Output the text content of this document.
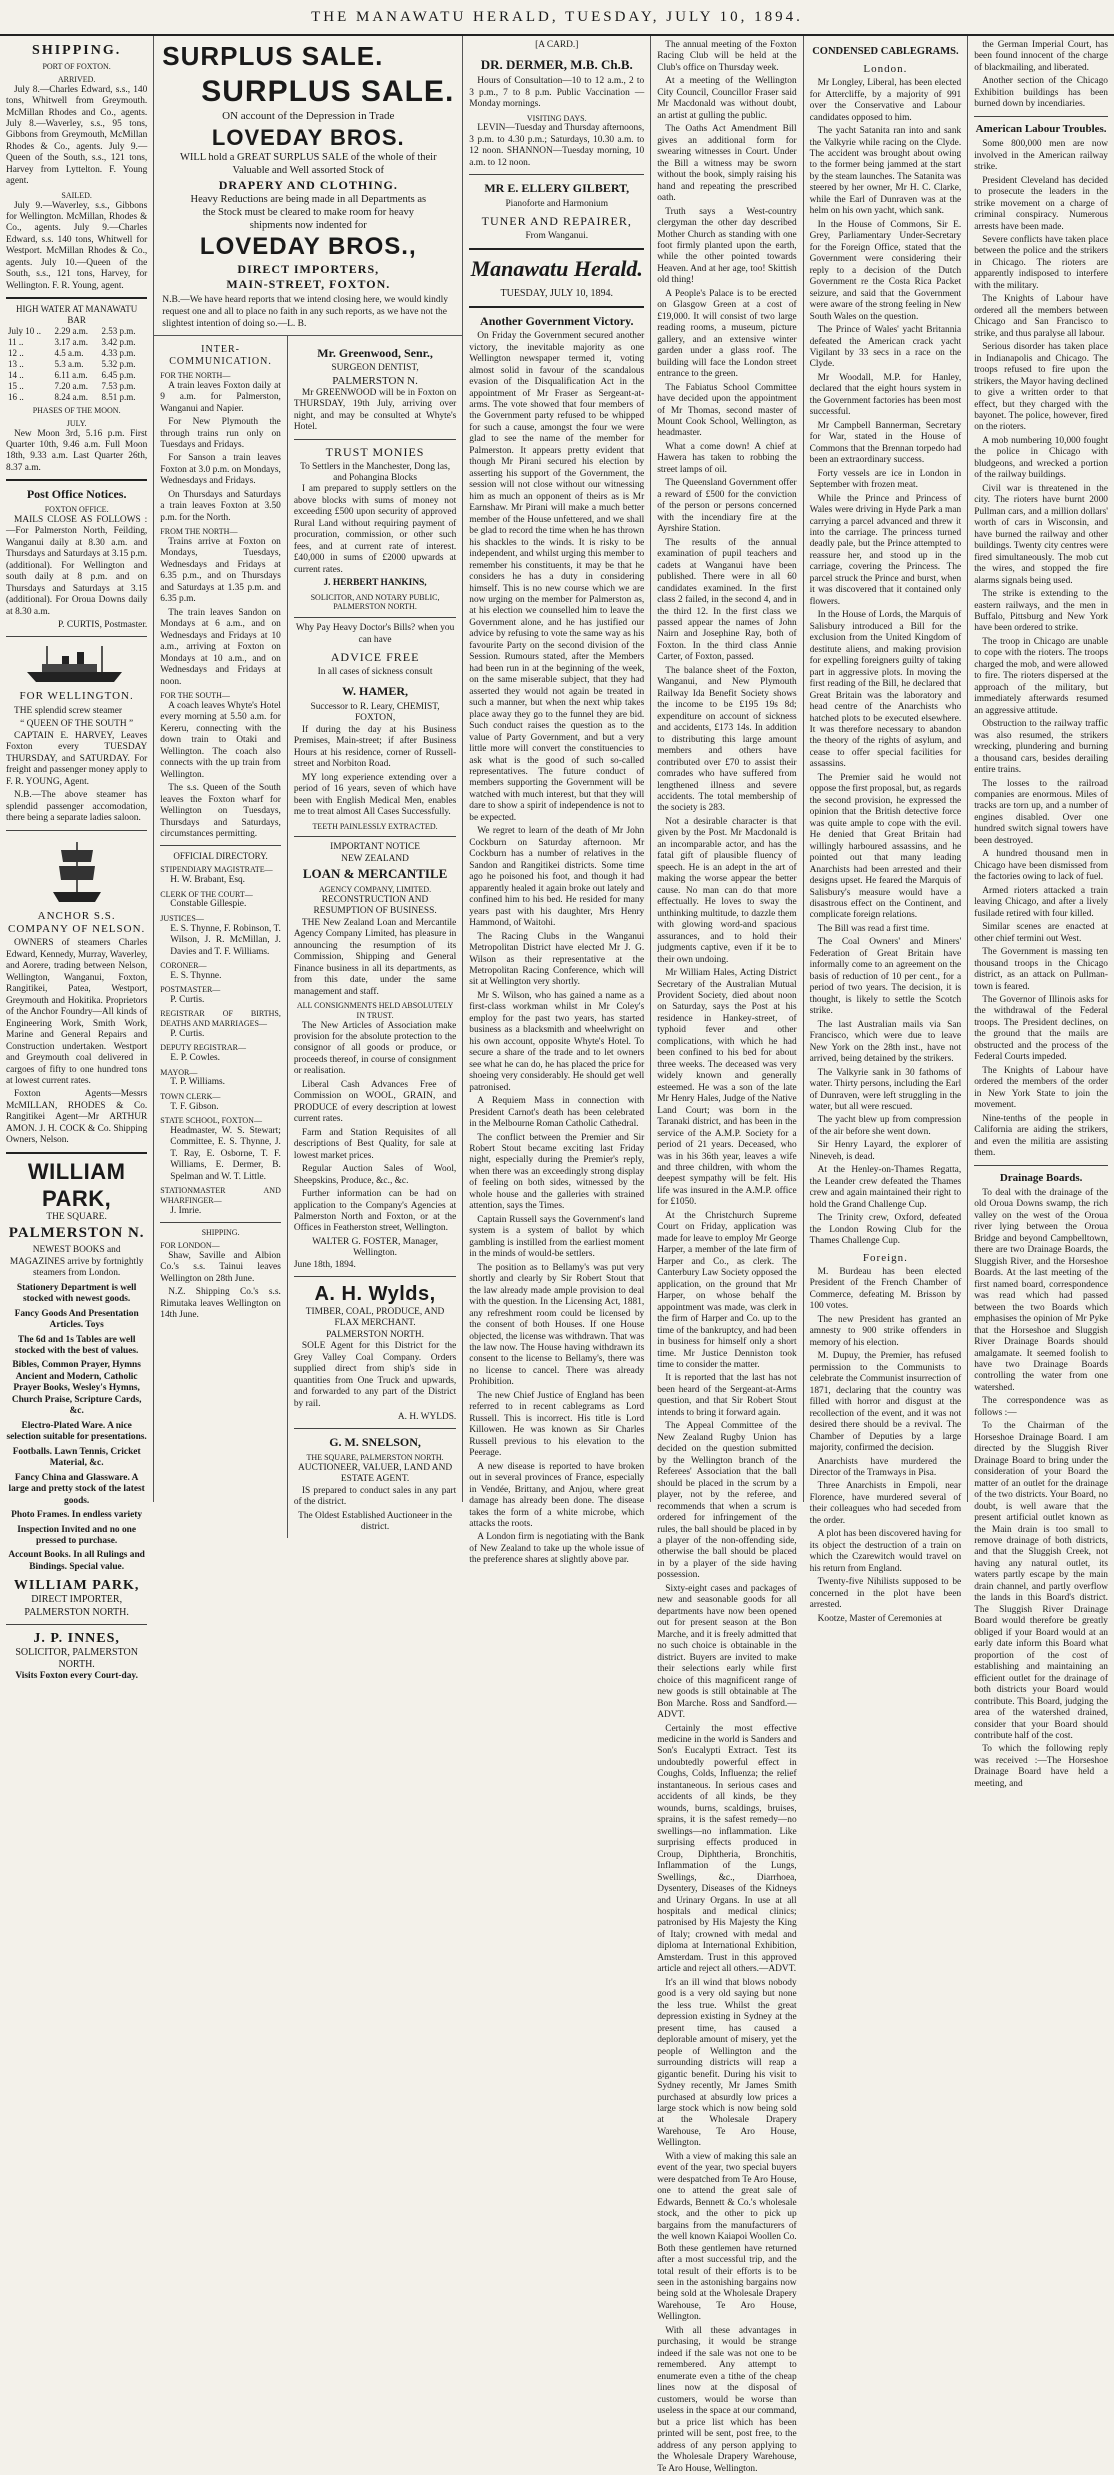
THE MANAWATU HERALD, TUESDAY, JULY 10, 1894.
SHIPPING.
PORT OF FOXTON.
ARRIVED.

July 8.—Charles Edward, s.s., 140 tons, Whitwell from Greymouth. McMillan Rhodes and Co., agents. July 8.—Waverley, s.s., 95 tons, Gibbons from Greymouth, McMillan Rhodes & Co., agents. July 9.—Queen of the South, s.s., 121 tons, Harvey from Lyttelton. F. Young agent.

SAILED.

July 9.—Waverley, s.s., Gibbons for Wellington. McMillan, Rhodes & Co., agents. July 9.—Charles Edward, s.s. 140 tons, Whitwell for Westport. McMillan Rhodes & Co., agents. July 10.—Queen of the South, s.s., 121 tons, Harvey, for Wellington. F. R. Young, agent.

HIGH WATER AT MANAWATU BAR
July 10 ..	2.29 a.m.	2.53 p.m.
11 ..	3.17 a.m.	3.42 p.m.
12 ..	4.5 a.m.	4.33 p.m.
13 ..	5.3 a.m.	5.32 p.m.
14 ..	6.11 a.m.	6.45 p.m.
15 ..	7.20 a.m.	7.53 p.m.
16 ..	8.24 a.m.	8.51 p.m.
PHASES OF THE MOON.
JULY.

New Moon 3rd, 5.16 p.m. First Quarter 10th, 9.46 a.m. Full Moon 18th, 9.33 a.m. Last Quarter 26th, 8.37 a.m.

Post Office Notices.
FOXTON OFFICE.

MAILS CLOSE AS FOLLOWS :—For Palmerston North, Feilding, Wanganui daily at 8.30 a.m. and Thursdays and Saturdays at 3.15 p.m. (additional). For Wellington and south daily at 8 p.m. and on Thursdays and Saturdays at 3.15 (additional). For Oroua Downs daily at 8.30 a.m.

P. CURTIS, Postmaster.
FOR WELLINGTON.

THE splendid screw steamer

“ QUEEN OF THE SOUTH ”

CAPTAIN E. HARVEY, Leaves Foxton every TUESDAY THURSDAY, and SATURDAY. For freight and passenger money apply to F. R. YOUNG, Agent.

N.B.—The above steamer has splendid passenger accomodation, there being a separate ladies saloon.

ANCHOR S.S. COMPANY OF NELSON.

OWNERS of steamers Charles Edward, Kennedy, Murray, Waverley, and Aorere, trading between Nelson, Wellington, Wanganui, Foxton, Rangitikei, Patea, Westport, Greymouth and Hokitika. Proprietors of the Anchor Foundry—All kinds of Engineering Work, Smith Work, Marine and General Repairs and Construction undertaken. Westport and Greymouth coal delivered in cargoes of fifty to one hundred tons at lowest current rates.

Foxton Agents—Messrs McMILLAN, RHODES & Co. Rangitikei Agent—Mr ARTHUR AMON. J. H. COCK & Co. Shipping Owners, Nelson.

WILLIAM PARK,
THE SQUARE.
PALMERSTON N.
NEWEST BOOKS and MAGAZINES arrive by fortnightly steamers from London.
Stationery Department is well stocked with newest goods.
Fancy Goods And Presentation Articles. Toys
The 6d and 1s Tables are well stocked with the best of values.
Bibles, Common Prayer, Hymns Ancient and Modern, Catholic Prayer Books, Wesley's Hymns, Church Praise, Scripture Cards, &c.
Electro-Plated Ware. A nice selection suitable for presentations.
Footballs. Lawn Tennis, Cricket Material, &c.
Fancy China and Glassware. A large and pretty stock of the latest goods.
Photo Frames. In endless variety
Inspection Invited and no one pressed to purchase.
Account Books. In all Rulings and Bindings. Special value.
WILLIAM PARK,
DIRECT IMPORTER, PALMERSTON NORTH.
J. P. INNES,
SOLICITOR, PALMERSTON NORTH.
Visits Foxton every Court-day.
SURPLUS SALE.
SURPLUS SALE.
ON account of the Depression in Trade
LOVEDAY BROS.
WILL hold a GREAT SURPLUS SALE of the whole of their Valuable and Well assorted Stock of
DRAPERY AND CLOTHING.
Heavy Reductions are being made in all Departments as the Stock must be cleared to make room for heavy shipments now indented for
LOVEDAY BROS.,
DIRECT IMPORTERS,
MAIN-STREET, FOXTON.
N.B.—We have heard reports that we intend closing here, we would kindly request one and all to place no faith in any such reports, as we have not the slightest intention of doing so.—L. B.
INTER-COMMUNICATION.
FOR THE NORTH—

A train leaves Foxton daily at 9 a.m. for Palmerston, Wanganui and Napier.

For New Plymouth the through trains run only on Tuesdays and Fridays.

For Sanson a train leaves Foxton at 3.0 p.m. on Mondays, Wednesdays and Fridays.

On Thursdays and Saturdays a train leaves Foxton at 3.50 p.m. for the North.

FROM THE NORTH—

Trains arrive at Foxton on Mondays, Tuesdays, Wednesdays and Fridays at 6.35 p.m., and on Thursdays and Saturdays at 1.35 p.m. and 6.35 p.m.

The train leaves Sandon on Mondays at 6 a.m., and on Wednesdays and Fridays at 10 a.m., arriving at Foxton on Mondays at 10 a.m., and on Wednesdays and Fridays at noon.

FOR THE SOUTH—

A coach leaves Whyte's Hotel every morning at 5.50 a.m. for Kereru, connecting with the down train to Otaki and Wellington. The coach also connects with the up train from Wellington.

The s.s. Queen of the South leaves the Foxton wharf for Wellington on Tuesdays, Thursdays and Saturdays, circumstances permitting.

OFFICIAL DIRECTORY.
STIPENDIARY MAGISTRATE—
H. W. Brabant, Esq.
CLERK OF THE COURT—
Constable Gillespie.
JUSTICES—
E. S. Thynne, F. Robinson, T. Wilson, J. R. McMillan, J. Davies and T. F. Williams.
CORONER—
E. S. Thynne.
POSTMASTER—
P. Curtis.
REGISTRAR OF BIRTHS, DEATHS AND MARRIAGES—
P. Curtis.
DEPUTY REGISTRAR—
E. P. Cowles.
MAYOR—
T. P. Williams.
TOWN CLERK—
T. F. Gibson.
STATE SCHOOL, FOXTON—
Headmaster, W. S. Stewart; Committee, E. S. Thynne, J. T. Ray, E. Osborne, T. F. Williams, E. Dermer, B. Spelman and W. T. Little.
STATIONMASTER AND WHARFINGER—
J. Imrie.
SHIPPING.
FOR LONDON—

Shaw, Saville and Albion Co.'s s.s. Tainui leaves Wellington on 28th June.

N.Z. Shipping Co.'s s.s. Rimutaka leaves Wellington on 14th June.

Mr. Greenwood, Senr.,
SURGEON DENTIST,
PALMERSTON N.

Mr GREENWOOD will be in Foxton on THURSDAY, 19th July, arriving over night, and may be consulted at Whyte's Hotel.

TRUST MONIES
To Settlers in the Manchester, Dong las, and Pohangina Blocks

I am prepared to supply settlers on the above blocks with sums of money not exceeding £500 upon security of approved Rural Land without requiring payment of procuration, commission, or other such fees, and at current rate of interest. £40,000 in sums of £2000 upwards at current rates.

J. HERBERT HANKINS,
SOLICITOR, AND NOTARY PUBLIC, PALMERSTON NORTH.
Why Pay Heavy Doctor's Bills? when you can have
ADVICE FREE
In all cases of sickness consult
W. HAMER,
Successor to R. Leary, CHEMIST, FOXTON,

If during the day at his Business Premises, Main-street; if after Business Hours at his residence, corner of Russell-street and Norbiton Road.

MY long experience extending over a period of 16 years, seven of which have been with English Medical Men, enables me to treat almost All Cases Successfully.

TEETH PAINLESSLY EXTRACTED.
IMPORTANT NOTICE
NEW ZEALAND
LOAN & MERCANTILE
AGENCY COMPANY, LIMITED.
RECONSTRUCTION AND RESUMPTION OF BUSINESS.

THE New Zealand Loan and Mercantile Agency Company Limited, has pleasure in announcing the resumption of its Commission, Shipping and General Finance business in all its departments, as from this date, under the same management and staff.

ALL CONSIGNMENTS HELD ABSOLUTELY IN TRUST.

The New Articles of Association make provision for the absolute protection to the consignor of all goods or produce, or proceeds thereof, in course of consignment or realisation.

Liberal Cash Advances Free of Commission on WOOL, GRAIN, and PRODUCE of every description at lowest current rates.

Farm and Station Requisites of all descriptions of Best Quality, for sale at lowest market prices.

Regular Auction Sales of Wool, Sheepskins, Produce, &c., &c.

Further information can be had on application to the Company's Agencies at Palmerston North and Foxton, or at the Offices in Featherston street, Wellington.

WALTER G. FOSTER, Manager, Wellington.
June 18th, 1894.
A. H. Wylds,
TIMBER, COAL, PRODUCE, AND FLAX MERCHANT.
PALMERSTON NORTH.

SOLE Agent for this District for the Grey Valley Coal Company. Orders supplied direct from ship's side in quantities from One Truck and upwards, and forwarded to any part of the District by rail.

A. H. WYLDS.
G. M. SNELSON,
THE SQUARE, PALMERSTON NORTH.
AUCTIONEER, VALUER, LAND AND ESTATE AGENT.

IS prepared to conduct sales in any part of the district.

The Oldest Established Auctioneer in the district.
[A CARD.]
DR. DERMER, M.B. Ch.B.

Hours of Consultation—10 to 12 a.m., 2 to 3 p.m., 7 to 8 p.m. Public Vaccination — Monday mornings.

VISITING DAYS.

LEVIN—Tuesday and Thursday afternoons, 3 p.m. to 4.30 p.m.; Saturdays, 10.30 a.m. to 12 noon. SHANNON—Tuesday morning, 10 a.m. to 12 noon.

MR E. ELLERY GILBERT,
Pianoforte and Harmonium
TUNER AND REPAIRER,
From Wanganui.
Manawatu Herald.
TUESDAY, JULY 10, 1894.
Another Government Victory.

On Friday the Government secured another victory, the inevitable majority as one Wellington newspaper termed it, voting almost solid in favour of the scandalous evasion of the Disqualification Act in the appointment of Mr Fraser as Sergeant-at-arms. The vote showed that four members of the Government party refused to be whipped for such a cause, amongst the four we were glad to see the name of the member for Palmerston. It appears pretty evident that though Mr Pirani secured his election by asserting his support of the Government, the session will not close without our witnessing him as much an opponent of theirs as is Mr Earnshaw. Mr Pirani will make a much better member of the House unfettered, and we shall be glad to record the time when he has thrown his shackles to the winds. It is risky to be independent, and whilst urging this member to remember his constituents, it may be that he considers he has a duty in considering himself. This is no new course which we are now urging on the member for Palmerston as, at his election we counselled him to leave the Government alone, and he has justified our advice by refusing to vote the same way as his favourite Party on the second division of the Session. Rumours stated, after the Members had been run in at the beginning of the week, on the same miserable subject, that they had asserted they would not again be treated in such a manner, but when the next whip takes place away they go to the funnel they are bid. Such conduct raises the question as to the value of Party Government, and but a very little more will convert the constituencies to ask what is the good of such so-called representatives. The future conduct of members supporting the Government will be watched with much interest, but that they will dare to show a spirit of independence is not to be expected.

We regret to learn of the death of Mr John Cockburn on Saturday afternoon. Mr Cockburn has a number of relatives in the Sandon and Rangitikei districts. Some time ago he poisoned his foot, and though it had apparently healed it again broke out lately and confined him to his bed. He resided for many years past with his daughter, Mrs Henry Hammond, of Waitohi.

The Racing Clubs in the Wanganui Metropolitan District have elected Mr J. G. Wilson as their representative at the Metropolitan Racing Conference, which will sit at Wellington very shortly.

Mr S. Wilson, who has gained a name as a first-class workman whilst in Mr Coley's employ for the past two years, has started business as a blacksmith and wheelwright on his own account, opposite Whyte's Hotel. To secure a share of the trade and to let owners see what he can do, he has placed the price for shoeing very considerably. He should get well patronised.

A Requiem Mass in connection with President Carnot's death has been celebrated in the Melbourne Roman Catholic Cathedral.

The conflict between the Premier and Sir Robert Stout became exciting last Friday night, especially during the Premier's reply, when there was an exceedingly strong display of feeling on both sides, witnessed by the whole house and the galleries with strained attention, says the Times.

Captain Russell says the Government's land system is a system of ballot by which gambling is instilled from the earliest moment in the minds of would-be settlers.

The position as to Bellamy's was put very shortly and clearly by Sir Robert Stout that the law already made ample provision to deal with the question. In the Licensing Act, 1881, any refreshment room could be licensed by the consent of both Houses. If one House objected, the license was withdrawn. That was the law now. The House having withdrawn its consent to the license to Bellamy's, there was no license to cancel. There was already Prohibition.

The new Chief Justice of England has been referred to in recent cablegrams as Lord Russell. This is incorrect. His title is Lord Killowen. He was known as Sir Charles Russell previous to his elevation to the Peerage.

A new disease is reported to have broken out in several provinces of France, especially in Vendée, Brittany, and Anjou, where great damage has already been done. The disease takes the form of a white microbe, which attacks the roots.

A London firm is negotiating with the Bank of New Zealand to take up the whole issue of the preference shares at slightly above par.

The annual meeting of the Foxton Racing Club will be held at the Club's office on Thursday week.

At a meeting of the Wellington City Council, Councillor Fraser said Mr Macdonald was without doubt, an artist at gulling the public.

The Oaths Act Amendment Bill gives an additional form for swearing witnesses in Court. Under the Bill a witness may be sworn without the book, simply raising his hand and repeating the prescribed oath.

Truth says a West-country clergyman the other day described Mother Church as standing with one foot firmly planted upon the earth, while the other pointed towards Heaven. And at her age, too! Skittish old thing!

A People's Palace is to be erected on Glasgow Green at a cost of £19,000. It will consist of two large reading rooms, a museum, picture gallery, and an extensive winter garden under a glass roof. The building will face the London street entrance to the green.

The Fabiatus School Committee have decided upon the appointment of Mr Thomas, second master of Mount Cook School, Wellington, as headmaster.

What a come down! A chief at Hawera has taken to robbing the street lamps of oil.

The Queensland Government offer a reward of £500 for the conviction of the person or persons concerned with the incendiary fire at the Ayrshire Station.

The results of the annual examination of pupil teachers and cadets at Wanganui have been published. There were in all 60 candidates examined. In the first class 2 failed, in the second 4, and in the third 12. In the first class we passed appear the names of John Nairn and Josephine Ray, both of Foxton. In the third class Annie Carter, of Foxton, passed.

The balance sheet of the Foxton, Wanganui, and New Plymouth Railway Ida Benefit Society shows the income to be £195 19s 8d; expenditure on account of sickness and accidents, £173 14s. In addition to distributing this large amount members and others have contributed over £70 to assist their comrades who have suffered from lengthened illness and severe accidents. The total membership of the society is 283.

Not a desirable character is that given by the Post. Mr Macdonald is an incomparable actor, and has the fatal gift of plausible fluency of speech. He is an adept in the art of making the worse appear the better cause. No man can do that more effectually. He loves to sway the unthinking multitude, to dazzle them with glowing word-and spacious assurances, and to hold their judgments captive, even if it be to their own undoing.

Mr William Hales, Acting District Secretary of the Australian Mutual Provident Society, died about noon on Saturday, says the Post at his residence in Hankey-street, of typhoid fever and other complications, with which he had been confined to his bed for about three weeks. The deceased was very widely known and generally esteemed. He was a son of the late Mr Henry Hales, Judge of the Native Land Court; was born in the Taranaki district, and has been in the service of the A.M.P. Society for a period of 21 years. Deceased, who was in his 36th year, leaves a wife and three children, with whom the deepest sympathy will be felt. His life was insured in the A.M.P. office for £1050.

At the Christchurch Supreme Court on Friday, application was made for leave to employ Mr George Harper, a member of the late firm of Harper and Co., as clerk. The Canterbury Law Society opposed the application, on the ground that Mr Harper, on whose behalf the appointment was made, was clerk in the firm of Harper and Co. up to the time of the bankruptcy, and had been in business for himself only a short time. Mr Justice Denniston took time to consider the matter.

It is reported that the last has not been heard of the Sergeant-at-Arms question, and that Sir Robert Stout intends to bring it forward again.

The Appeal Committee of the New Zealand Rugby Union has decided on the question submitted by the Wellington branch of the Referees' Association that the ball should be placed in the scrum by a player, not by the referee, and recommends that when a scrum is ordered for infringement of the rules, the ball should be placed in by a player of the non-offending side, otherwise the ball should be placed in by a player of the side having possession.

Sixty-eight cases and packages of new and seasonable goods for all departments have now been opened out for present season at the Bon Marche, and it is freely admitted that no such choice is obtainable in the district. Buyers are invited to make their selections early while first choice of this magnificent range of new goods is still obtainable at The Bon Marche. Ross and Sandford.—ADVT.

Certainly the most effective medicine in the world is Sanders and Son's Eucalypti Extract. Test its undoubtedly powerful effect in Coughs, Colds, Influenza; the relief instantaneous. In serious cases and accidents of all kinds, be they wounds, burns, scaldings, bruises, sprains, it is the safest remedy—no swellings—no inflammation. Like surprising effects produced in Croup, Diphtheria, Bronchitis, Inflammation of the Lungs, Swellings, &c., Diarrhoea, Dysentery, Diseases of the Kidneys and Urinary Organs. In use at all hospitals and medical clinics; patronised by His Majesty the King of Italy; crowned with medal and diploma at International Exhibition, Amsterdam. Trust in this approved article and reject all others.—ADVT.

It's an ill wind that blows nobody good is a very old saying but none the less true. Whilst the great depression existing in Sydney at the present time, has caused a deplorable amount of misery, yet the people of Wellington and the surrounding districts will reap a gigantic benefit. During his visit to Sydney recently, Mr James Smith purchased at absurdly low prices a large stock which is now being sold at the Wholesale Drapery Warehouse, Te Aro House, Wellington.

With a view of making this sale an event of the year, two special buyers were despatched from Te Aro House, one to attend the great sale of Edwards, Bennett & Co.'s wholesale stock, and the other to pick up bargains from the manufacturers of the well known Kaiapoi Woollen Co. Both these gentlemen have returned after a most successful trip, and the total result of their efforts is to be seen in the astonishing bargains now being sold at the Wholesale Drapery Warehouse, Te Aro House, Wellington.

With all these advantages in purchasing, it would be strange indeed if the sale was not one to be remembered. Any attempt to enumerate even a tithe of the cheap lines now at the disposal of customers, would be worse than useless in the space at our command, but a price list which has been printed will be sent, post free, to the address of any person applying to the Wholesale Drapery Warehouse, Te Aro House, Wellington.

CONDENSED CABLEGRAMS.
London.

Mr Longley, Liberal, has been elected for Attercliffe, by a majority of 991 over the Conservative and Labour candidates opposed to him.

The yacht Satanita ran into and sank the Valkyrie while racing on the Clyde. The accident was brought about owing to the former being jammed at the start by the steam launches. The Satanita was steered by her owner, Mr H. C. Clarke, while the Earl of Dunraven was at the helm on his own yacht, which sank.

In the House of Commons, Sir E. Grey, Parliamentary Under-Secretary for the Foreign Office, stated that the Government were considering their reply to a decision of the Dutch Government re the Costa Rica Packet seizure, and said that the Government were aware of the strong feeling in New South Wales on the question.

The Prince of Wales' yacht Britannia defeated the American crack yacht Vigilant by 33 secs in a race on the Clyde.

Mr Woodall, M.P. for Hanley, declared that the eight hours system in the Government factories has been most successful.

Mr Campbell Bannerman, Secretary for War, stated in the House of Commons that the Brennan torpedo had been an extraordinary success.

Forty vessels are ice in London in September with frozen meat.

While the Prince and Princess of Wales were driving in Hyde Park a man carrying a parcel advanced and threw it into the carriage. The princess turned deadly pale, but the Prince attempted to reassure her, and stood up in the carriage, covering the Princess. The parcel struck the Prince and burst, when it was discovered that it contained only flowers.

In the House of Lords, the Marquis of Salisbury introduced a Bill for the exclusion from the United Kingdom of destitute aliens, and making provision for expelling foreigners guilty of taking part in aggressive plots. In moving the first reading of the Bill, he declared that Great Britain was the laboratory and head centre of the Anarchists who hatched plots to be executed elsewhere. It was therefore necessary to abandon the theory of the rights of asylum, and cease to offer special facilities for assassins.

The Premier said he would not oppose the first proposal, but, as regards the second provision, he expressed the opinion that the British detective force was quite ample to cope with the evil. He denied that Great Britain had willingly harboured assassins, and he pointed out that many leading Anarchists had been arrested and their designs upset. He feared the Marquis of Salisbury's measure would have a disastrous effect on the Continent, and complicate foreign relations.

The Bill was read a first time.

The Coal Owners' and Miners' Federation of Great Britain have informally come to an agreement on the basis of reduction of 10 per cent., for a period of two years. The decision, it is thought, is likely to settle the Scotch strike.

The last Australian mails via San Francisco, which were due to leave New York on the 28th inst., have not arrived, being detained by the strikers.

The Valkyrie sank in 30 fathoms of water. Thirty persons, including the Earl of Dunraven, were left struggling in the water, but all were rescued.

The yacht blew up from compression of the air before she went down.

Sir Henry Layard, the explorer of Nineveh, is dead.

At the Henley-on-Thames Regatta, the Leander crew defeated the Thames crew and again maintained their right to hold the Grand Challenge Cup.

The Trinity crew, Oxford, defeated the London Rowing Club for the Thames Challenge Cup.

Foreign.

M. Burdeau has been elected President of the French Chamber of Commerce, defeating M. Brisson by 100 votes.

The new President has granted an amnesty to 900 strike offenders in memory of his election.

M. Dupuy, the Premier, has refused permission to the Communists to celebrate the Communist insurrection of 1871, declaring that the country was filled with horror and disgust at the recollection of the event, and it was not desired there should be a revival. The Chamber of Deputies by a large majority, confirmed the decision.

Anarchists have murdered the Director of the Tramways in Pisa.

Three Anarchists in Empoli, near Florence, have murdered several of their colleagues who had seceded from the order.

A plot has been discovered having for its object the destruction of a train on which the Czarewitch would travel on his return from England.

Twenty-five Nihilists supposed to be concerned in the plot have been arrested.

Kootze, Master of Ceremonies at

the German Imperial Court, has been found innocent of the charge of blackmailing, and liberated.

Another section of the Chicago Exhibition buildings has been burned down by incendiaries.

American Labour Troubles.

Some 800,000 men are now involved in the American railway strike.

President Cleveland has decided to prosecute the leaders in the strike movement on a charge of criminal conspiracy. Numerous arrests have been made.

Severe conflicts have taken place between the police and the strikers in Chicago. The rioters are apparently indisposed to interfere with the military.

The Knights of Labour have ordered all the members between Chicago and San Francisco to strike, and thus paralyse all labour.

Serious disorder has taken place in Indianapolis and Chicago. The troops refused to fire upon the strikers, the Mayor having declined to give a written order to that effect, but they charged with the bayonet. The police, however, fired on the rioters.

A mob numbering 10,000 fought the police in Chicago with bludgeons, and wrecked a portion of the railway buildings.

Civil war is threatened in the city. The rioters have burnt 2000 Pullman cars, and a million dollars' worth of cars in Wisconsin, and have burned the railway and other buildings. Twenty city centres were fired simultaneously. The mob cut the wires, and stopped the fire alarms signals being used.

The strike is extending to the eastern railways, and the men in Buffalo, Pittsburg and New York have been ordered to strike.

The troop in Chicago are unable to cope with the rioters. The troops charged the mob, and were allowed to fire. The rioters dispersed at the approach of the military, but immediately afterwards resumed an aggressive attitude.

Obstruction to the railway traffic was also resumed, the strikers wrecking, plundering and burning a thousand cars, besides derailing entire trains.

The losses to the railroad companies are enormous. Miles of tracks are torn up, and a number of engines disabled. Over one hundred switch signal towers have been destroyed.

A hundred thousand men in Chicago have been dismissed from the factories owing to lack of fuel.

Armed rioters attacked a train leaving Chicago, and after a lively fusilade retired with four killed.

Similar scenes are enacted at other chief termini out West.

The Government is massing ten thousand troops in the Chicago district, as an attack on Pullman-town is feared.

The Governor of Illinois asks for the withdrawal of the Federal troops. The President declines, on the ground that the mails are obstructed and the process of the Federal Courts impeded.

The Knights of Labour have ordered the members of the order in New York State to join the movement.

Nine-tenths of the people in California are aiding the strikers, and even the militia are assisting them.

Drainage Boards.

To deal with the drainage of the old Oroua Downs swamp, the rich valley on the west of the Oroua river lying between the Oroua Bridge and beyond Campbelltown, there are two Drainage Boards, the Sluggish River, and the Horseshoe Boards. At the last meeting of the first named board, correspondence was read which had passed between the two Boards which emphasises the opinion of Mr Pyke that the Horseshoe and Sluggish River Drainage Boards should amalgamate. It seemed foolish to have two Drainage Boards controlling the water from one watershed.

The correspondence was as follows :—

To the Chairman of the Horseshoe Drainage Board. I am directed by the Sluggish River Drainage Board to bring under the consideration of your Board the matter of an outlet for the drainage of the two districts. Your Board, no doubt, is well aware that the present artificial outlet known as the Main drain is too small to remove drainage of both districts, and that the Sluggish Creek, not having any natural outlet, its waters partly escape by the main drain channel, and partly overflow the lands in this Board's district. The Sluggish River Drainage Board would therefore be greatly obliged if your Board would at an early date inform this Board what proportion of the cost of establishing and maintaining an efficient outlet for the drainage of both districts your Board would contribute. This Board, judging the area of the watershed drained, consider that your Board should contribute half of the cost.

To which the following reply was received :—The Horseshoe Drainage Board have held a meeting, and
